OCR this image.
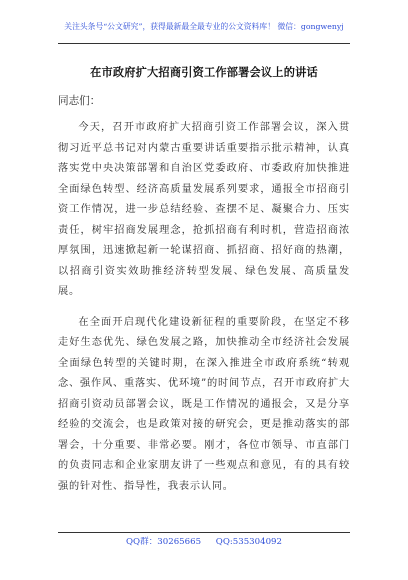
关注头条号“公文研究”，获得最新最全最专业的公文资料库！ 微信：gongwenyj
在市政府扩大招商引资工作部署会议上的讲话

同志们：

今天，召开市政府扩大招商引资工作部署会议，深入贯彻习近平总书记对内蒙古重要讲话重要指示批示精神，认真落实党中央决策部署和自治区党委政府、市委政府加快推进全面绿色转型、经济高质量发展系列要求，通报全市招商引资工作情况，进一步总结经验、查摆不足、凝聚合力、压实责任，树牢招商发展理念，抢抓招商有利时机，营造招商浓厚氛围，迅速掀起新一轮谋招商、抓招商、招好商的热潮，以招商引资实效助推经济转型发展、绿色发展、高质量发展。

在全面开启现代化建设新征程的重要阶段，在坚定不移走好生态优先、绿色发展之路，加快推动全市经济社会发展全面绿色转型的关键时期，在深入推进全市政府系统“转观念、强作风、重落实、优环境”的时间节点，召开市政府扩大招商引资动员部署会议，既是工作情况的通报会，又是分享经验的交流会，也是政策对接的研究会，更是推动落实的部署会，十分重要、非常必要。刚才，各位市领导、市直部门的负责同志和企业家朋友讲了一些观点和意见，有的具有较强的针对性、指导性，我表示认同。

QQ群：30265665 QQ:535304092
